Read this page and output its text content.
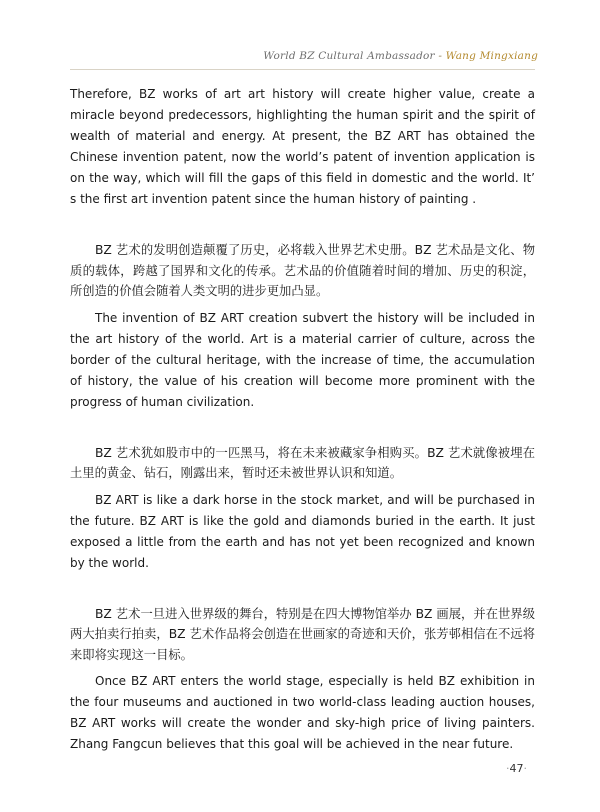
World BZ Cultural Ambassador - Wang Mingxiang

Therefore, BZ works of art art history will create higher value, create a miracle beyond predecessors, highlighting the human spirit and the spirit of wealth of material and energy. At present, the BZ ART has obtained the Chinese invention patent, now the world’s patent of invention application is on the way, which will fill the gaps of this field in domestic and the world. It’ s the first art invention patent since the human history of painting .

BZ 艺术的发明创造颠覆了历史，必将载入世界艺术史册。BZ 艺术品是文化、物质的载体，跨越了国界和文化的传承。艺术品的价值随着时间的增加、历史的积淀，所创造的价值会随着人类文明的进步更加凸显。

The invention of BZ ART creation subvert the history will be included in the art history of the world. Art is a material carrier of culture, across the border of the cultural heritage, with the increase of time, the accumulation of history, the value of his creation will become more prominent with the progress of human civilization.

BZ 艺术犹如股市中的一匹黑马，将在未来被藏家争相购买。BZ 艺术就像被埋在土里的黄金、钻石，刚露出来，暂时还未被世界认识和知道。

BZ ART is like a dark horse in the stock market, and will be purchased in the future. BZ ART is like the gold and diamonds buried in the earth. It just exposed a little from the earth and has not yet been recognized and known by the world.

BZ 艺术一旦进入世界级的舞台，特别是在四大博物馆举办 BZ 画展，并在世界级两大拍卖行拍卖，BZ 艺术作品将会创造在世画家的奇迹和天价，张芳邨相信在不远将来即将实现这一目标。

Once BZ ART enters the world stage, especially is held BZ exhibition in the four museums and auctioned in two world-class leading auction houses, BZ ART works will create the wonder and sky-high price of living painters. Zhang Fangcun believes that this goal will be achieved in the near future.

·47·
